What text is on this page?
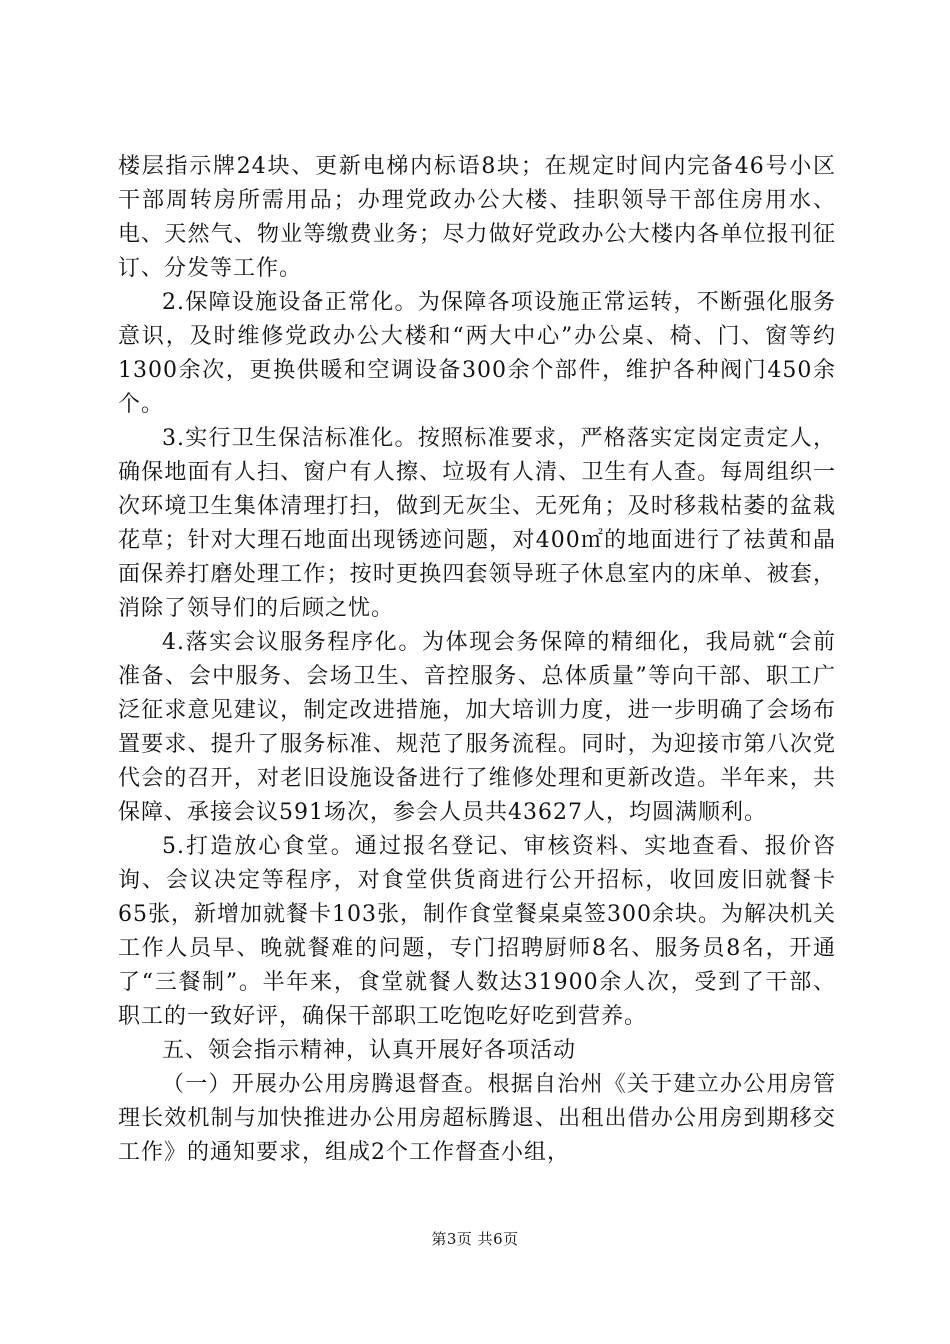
楼层指示牌24块、更新电梯内标语8块；在规定时间内完备46号小区干部周转房所需用品；办理党政办公大楼、挂职领导干部住房用水、电、天然气、物业等缴费业务；尽力做好党政办公大楼内各单位报刊征订、分发等工作。

2.保障设施设备正常化。为保障各项设施正常运转，不断强化服务意识，及时维修党政办公大楼和“两大中心”办公桌、椅、门、窗等约1300余次，更换供暖和空调设备300余个部件，维护各种阀门450余个。

3.实行卫生保洁标准化。按照标准要求，严格落实定岗定责定人，确保地面有人扫、窗户有人擦、垃圾有人清、卫生有人查。每周组织一次环境卫生集体清理打扫，做到无灰尘、无死角；及时移栽枯萎的盆栽花草；针对大理石地面出现锈迹问题，对400㎡的地面进行了祛黄和晶面保养打磨处理工作；按时更换四套领导班子休息室内的床单、被套，消除了领导们的后顾之忧。

4.落实会议服务程序化。为体现会务保障的精细化，我局就“会前准备、会中服务、会场卫生、音控服务、总体质量”等向干部、职工广泛征求意见建议，制定改进措施，加大培训力度，进一步明确了会场布置要求、提升了服务标准、规范了服务流程。同时，为迎接市第八次党代会的召开，对老旧设施设备进行了维修处理和更新改造。半年来，共保障、承接会议591场次，参会人员共43627人，均圆满顺利。

5.打造放心食堂。通过报名登记、审核资料、实地查看、报价咨询、会议决定等程序，对食堂供货商进行公开招标，收回废旧就餐卡65张，新增加就餐卡103张，制作食堂餐桌桌签300余块。为解决机关工作人员早、晚就餐难的问题，专门招聘厨师8名、服务员8名，开通了“三餐制”。半年来，食堂就餐人数达31900余人次，受到了干部、职工的一致好评，确保干部职工吃饱吃好吃到营养。

五、领会指示精神，认真开展好各项活动

（一）开展办公用房腾退督查。根据自治州《关于建立办公用房管理长效机制与加快推进办公用房超标腾退、出租出借办公用房到期移交工作》的通知要求，组成2个工作督查小组，

第3页 共6页
